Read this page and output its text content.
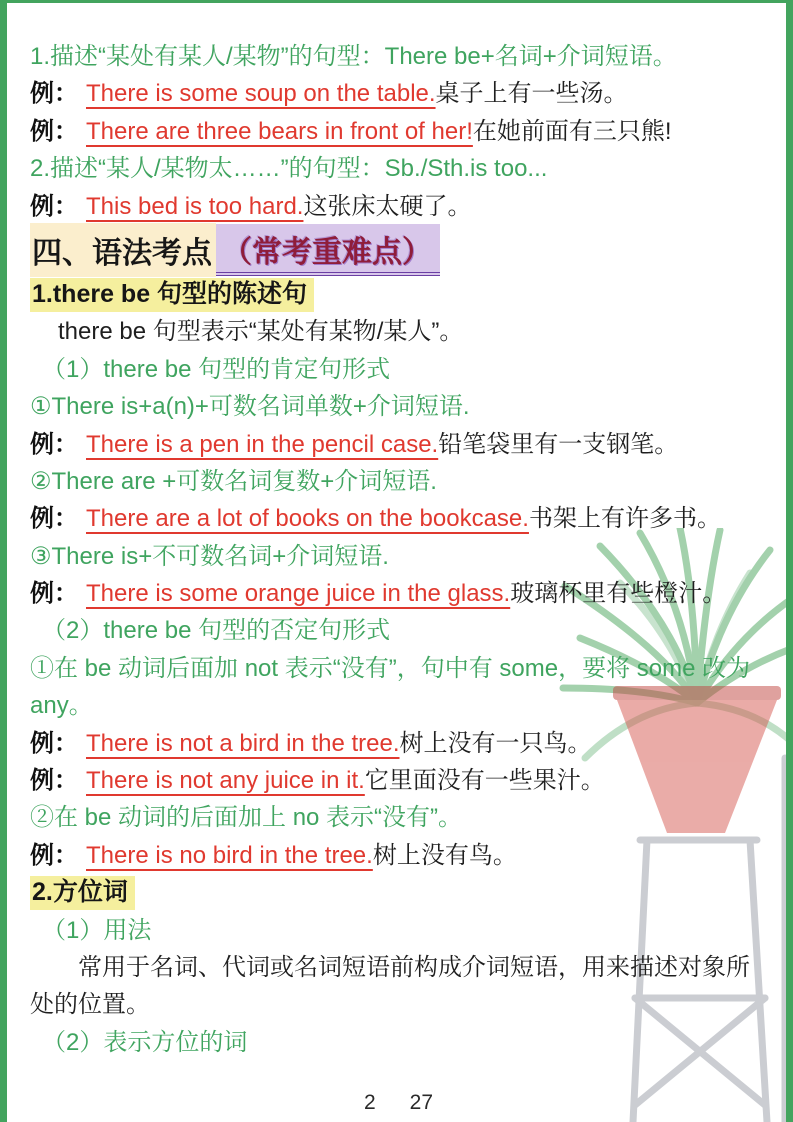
1.描述“某处有某人/某物”的句型：There be+名词+介词短语。
例： There is some soup on the table.桌子上有一些汤。
例： There are three bears in front of her!在她前面有三只熊!
2.描述“某人/某物太……”的句型：Sb./Sth.is too...
例： This bed is too hard.这张床太硬了。
四、语法考点 （常考重难点）
1.there be 句型的陈述句
there be 句型表示“某处有某物/某人”。
（1）there be 句型的肯定句形式
①There is+a(n)+可数名词单数+介词短语.
例： There is a pen in the pencil case.铅笔袋里有一支钢笔。
②There are +可数名词复数+介词短语.
例： There are a lot of books on the bookcase.书架上有许多书。
③There is+不可数名词+介词短语.
例： There is some orange juice in the glass.玻璃杯里有些橙汁。
（2）there be 句型的否定句形式
①在 be 动词后面加 not 表示“没有”，句中有 some，要将 some 改为 any。
例： There is not a bird in the tree.树上没有一只鸟。
例： There is not any juice in it.它里面没有一些果汁。
②在 be 动词的后面加上 no 表示“没有”。
例： There is no bird in the tree.树上没有鸟。
2.方位词
（1）用法
常用于名词、代词或名词短语前构成介词短语，用来描述对象所处的位置。
（2）表示方位的词
2 27
